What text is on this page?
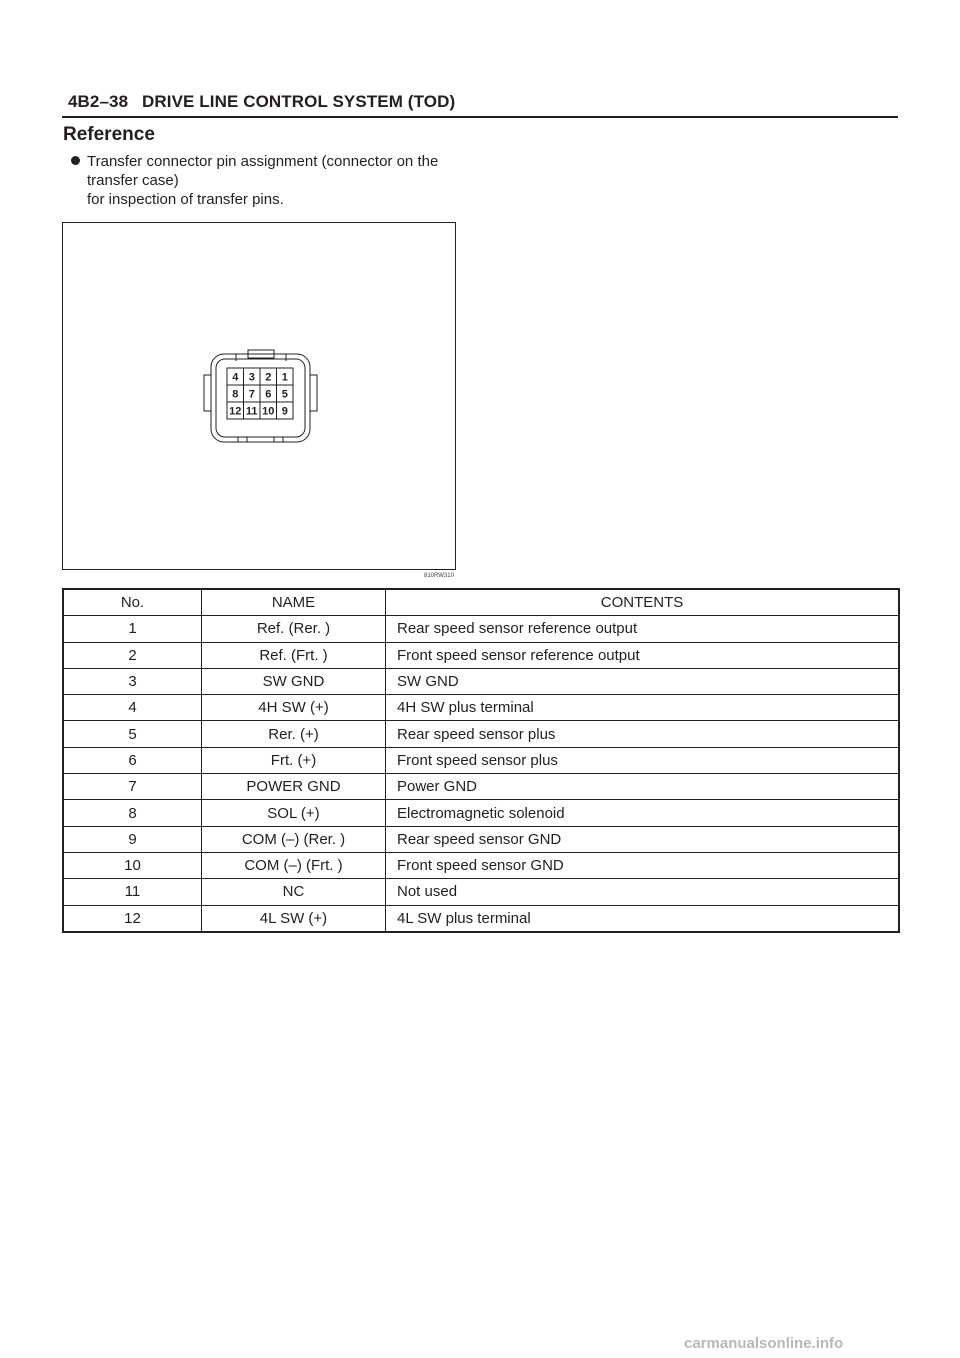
4B2–38 DRIVE LINE CONTROL SYSTEM (TOD)
Reference

Transfer connector pin assignment (connector on the

transfer case)

for inspection of transfer pins.

4 3 2 1
8 7 6 5
12 11 10 9
810RW310
No.	NAME	CONTENTS
1	Ref. (Rer. )	Rear speed sensor reference output
2	Ref. (Frt. )	Front speed sensor reference output
3	SW GND	SW GND
4	4H SW (+)	4H SW plus terminal
5	Rer. (+)	Rear speed sensor plus
6	Frt. (+)	Front speed sensor plus
7	POWER GND	Power GND
8	SOL (+)	Electromagnetic solenoid
9	COM (–) (Rer. )	Rear speed sensor GND
10	COM (–) (Frt. )	Front speed sensor GND
11	NC	Not used
12	4L SW (+)	4L SW plus terminal
carmanualsonline.info
